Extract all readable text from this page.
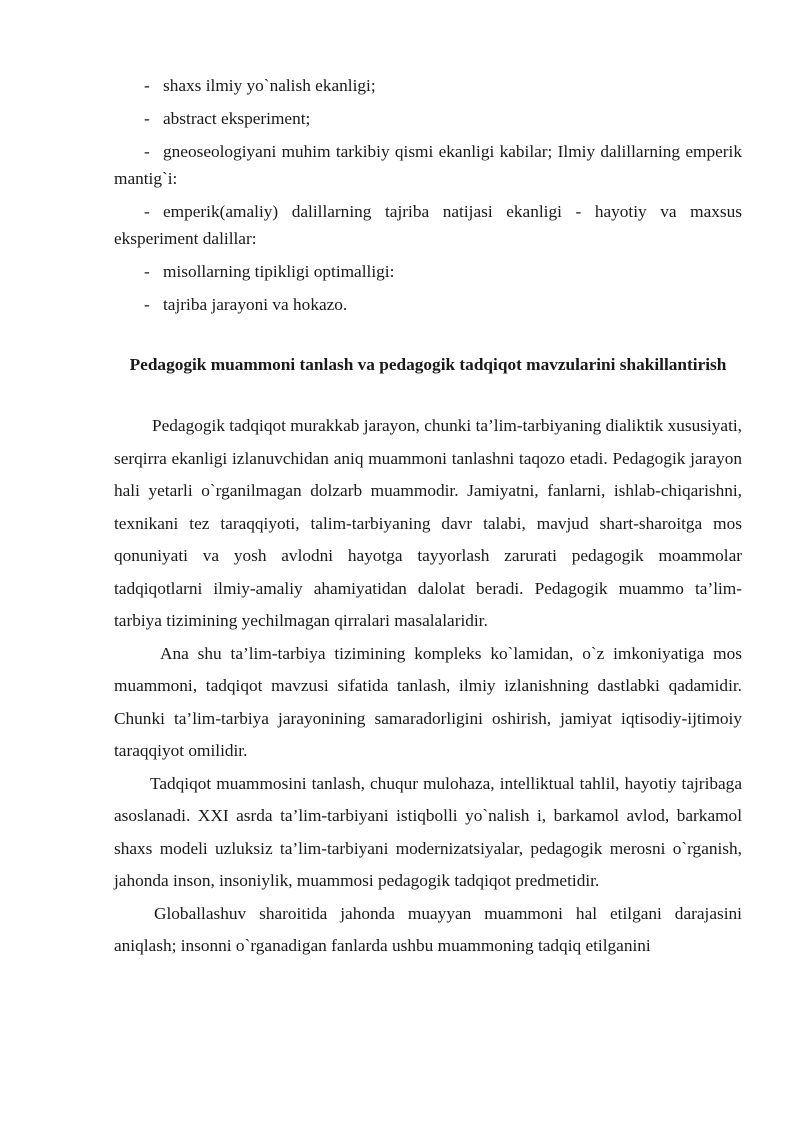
- shaxs ilmiy yo`nalish ekanligi;
- abstract eksperiment;
- gneoseologiyani muhim tarkibiy qismi ekanligi kabilar; Ilmiy dalillarning emperik mantig`i:
- emperik(amaliy) dalillarning tajriba natijasi ekanligi - hayotiy va maxsus eksperiment dalillar:
- misollarning tipikligi optimalligi:
- tajriba jarayoni va hokazo.
Pedagogik muammoni tanlash va pedagogik tadqiqot mavzularini shakillantirish

Pedagogik tadqiqot murakkab jarayon, chunki ta’lim-tarbiyaning dialiktik xususiyati, serqirra ekanligi izlanuvchidan aniq muammoni tanlashni taqozo etadi. Pedagogik jarayon hali yetarli o`rganilmagan dolzarb muammodir. Jamiyatni, fanlarni, ishlab-chiqarishni, texnikani tez taraqqiyoti, talim-tarbiyaning davr talabi, mavjud shart-sharoitga mos qonuniyati va yosh avlodni hayotga tayyorlash zarurati pedagogik moammolar tadqiqotlarni ilmiy-amaliy ahamiyatidan dalolat beradi. Pedagogik muammo ta’lim-tarbiya tizimining yechilmagan qirralari masalalaridir.

Ana shu ta’lim-tarbiya tizimining kompleks ko`lamidan, o`z imkoniyatiga mos muammoni, tadqiqot mavzusi sifatida tanlash, ilmiy izlanishning dastlabki qadamidir. Chunki ta’lim-tarbiya jarayonining samaradorligini oshirish, jamiyat iqtisodiy-ijtimoiy taraqqiyot omilidir.

Tadqiqot muammosini tanlash, chuqur mulohaza, intelliktual tahlil, hayotiy tajribaga asoslanadi. XXI asrda ta’lim-tarbiyani istiqbolli yo`nalish i, barkamol avlod, barkamol shaxs modeli uzluksiz ta’lim-tarbiyani modernizatsiyalar, pedagogik merosni o`rganish, jahonda inson, insoniylik, muammosi pedagogik tadqiqot predmetidir.

Globallashuv sharoitida jahonda muayyan muammoni hal etilgani darajasini aniqlash; insonni o`rganadigan fanlarda ushbu muammoning tadqiq etilganini
